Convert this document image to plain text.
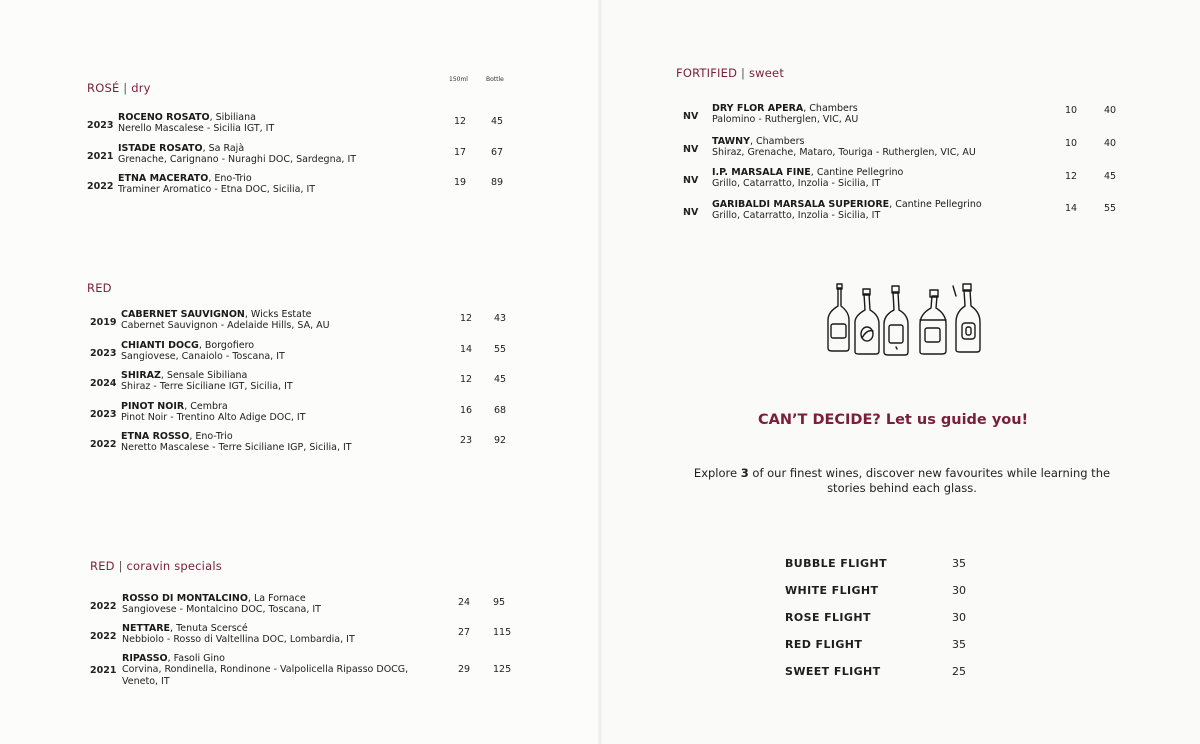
ROSÉ | dry

150ml	Bottle
2023
ROCENO ROSATO, Sibiliana
Nerello Mascalese - Sicilia IGT, IT
12	45
2021
ISTADE ROSATO, Sa Rajà
Grenache, Carignano - Nuraghi DOC, Sardegna, IT
17	67
2022
ETNA MACERATO, Eno-Trio
Traminer Aromatico - Etna DOC, Sicilia, IT
19	89

RED

2019
CABERNET SAUVIGNON, Wicks Estate
Cabernet Sauvignon - Adelaide Hills, SA, AU
12 43
2023
CHIANTI DOCG, Borgofiero
Sangiovese, Canaiolo - Toscana, IT
14 55
2024
SHIRAZ, Sensale Sibiliana
Shiraz - Terre Siciliane IGT, Sicilia, IT
12 45
2023
PINOT NOIR, Cembra
Pinot Noir - Trentino Alto Adige DOC, IT
16 68
2022
ETNA ROSSO, Eno-Trio
Neretto Mascalese - Terre Siciliane IGP, Sicilia, IT
23 92

RED | coravin specials

2022
ROSSO DI MONTALCINO, La Fornace
Sangiovese - Montalcino DOC, Toscana, IT
24 95
2022
NETTARE, Tenuta Scerscé
Nebbiolo - Rosso di Valtellina DOC, Lombardia, IT
27 115
2021
RIPASSO, Fasoli Gino
Corvina, Rondinella, Rondinone - Valpolicella Ripasso DOCG,
Veneto, IT
29 125

FORTIFIED | sweet

NV
DRY FLOR APERA, Chambers
Palomino - Rutherglen, VIC, AU
10	40
NV
TAWNY, Chambers
Shiraz, Grenache, Mataro, Touriga - Rutherglen, VIC, AU
10	40
NV
I.P. MARSALA FINE, Cantine Pellegrino
Grillo, Catarratto, Inzolia - Sicilia, IT
12	45
NV
GARIBALDI MARSALA SUPERIORE, Cantine Pellegrino
Grillo, Catarratto, Inzolia - Sicilia, IT
14	55
CAN’T DECIDE? Let us guide you!
Explore 3 of our finest wines, discover new favourites while learning the stories behind each glass.
BUBBLE FLIGHT	35
WHITE FLIGHT	30
ROSE FLIGHT	30
RED FLIGHT	35
SWEET FLIGHT	25
